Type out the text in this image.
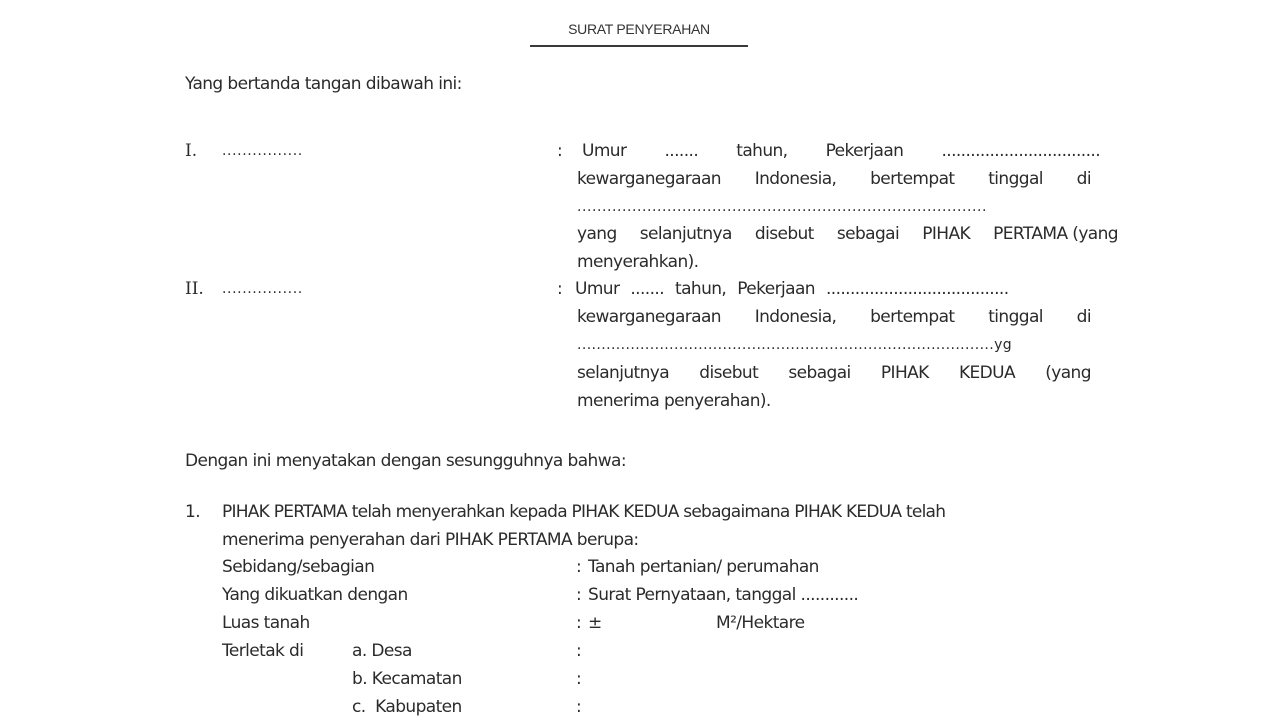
SURAT PENYERAHAN
Yang bertanda tangan dibawah ini:
I. ................	: Umur ....... tahun, Pekerjaan .................................
kewarganegaraan Indonesia, bertempat tinggal di
..................................................................................
yang selanjutnya disebut sebagai PIHAK PERTAMA (yang
menyerahkan).
II. ................	: Umur ....... tahun, Pekerjaan ......................................
kewarganegaraan Indonesia, bertempat tinggal di
......................................................................................yg
selanjutnya disebut sebagai PIHAK KEDUA (yang
menerima penyerahan).
Dengan ini menyatakan dengan sesungguhnya bahwa:
1. PIHAK PERTAMA telah menyerahkan kepada PIHAK KEDUA sebagaimana PIHAK KEDUA telah
menerima penyerahan dari PIHAK PERTAMA berupa:
Sebidang/sebagian	: Tanah pertanian/ perumahan
Yang dikuatkan dengan	: Surat Pernyataan, tanggal ............
Luas tanah	: ±	M²/Hektare
Terletak di	a. Desa	:
b. Kecamatan	:
c.  Kabupaten	:
